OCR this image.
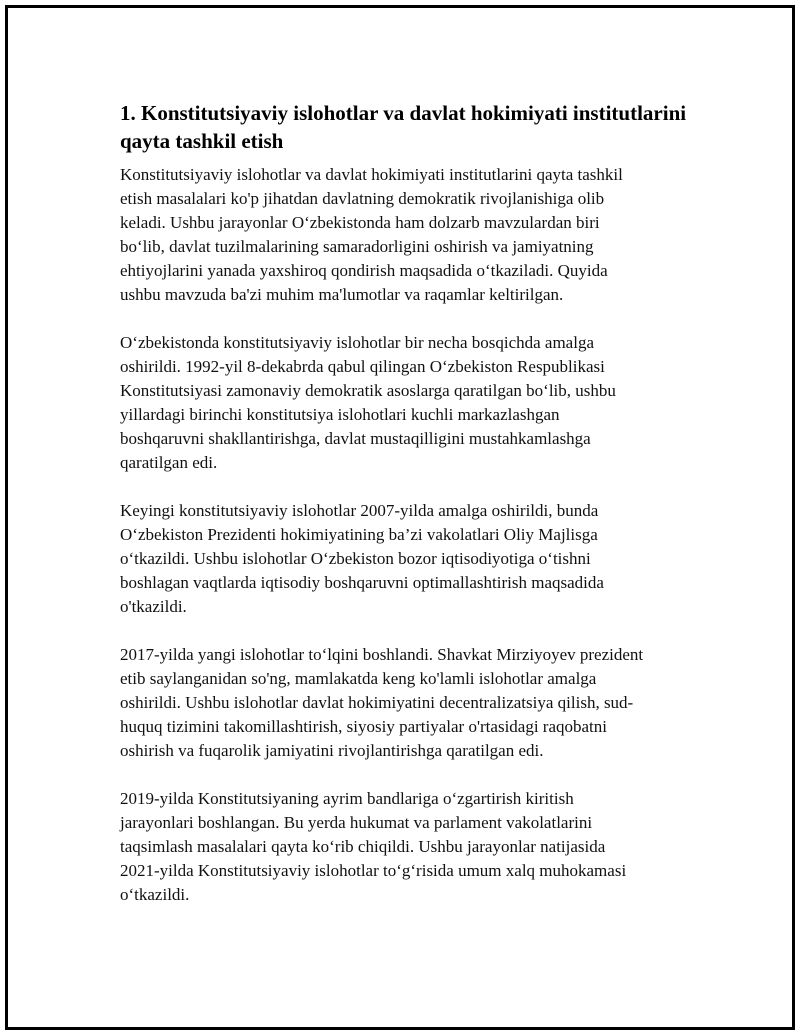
1. Konstitutsiyaviy islohotlar va davlat hokimiyati institutlarini
qayta tashkil etish

Konstitutsiyaviy islohotlar va davlat hokimiyati institutlarini qayta tashkil
etish masalalari ko'p jihatdan davlatning demokratik rivojlanishiga olib
keladi. Ushbu jarayonlar O‘zbekistonda ham dolzarb mavzulardan biri
bo‘lib, davlat tuzilmalarining samaradorligini oshirish va jamiyatning
ehtiyojlarini yanada yaxshiroq qondirish maqsadida o‘tkaziladi. Quyida
ushbu mavzuda ba'zi muhim ma'lumotlar va raqamlar keltirilgan.

O‘zbekistonda konstitutsiyaviy islohotlar bir necha bosqichda amalga
oshirildi. 1992-yil 8-dekabrda qabul qilingan O‘zbekiston Respublikasi
Konstitutsiyasi zamonaviy demokratik asoslarga qaratilgan bo‘lib, ushbu
yillardagi birinchi konstitutsiya islohotlari kuchli markazlashgan
boshqaruvni shakllantirishga, davlat mustaqilligini mustahkamlashga
qaratilgan edi.

Keyingi konstitutsiyaviy islohotlar 2007-yilda amalga oshirildi, bunda
O‘zbekiston Prezidenti hokimiyatining ba’zi vakolatlari Oliy Majlisga
o‘tkazildi. Ushbu islohotlar O‘zbekiston bozor iqtisodiyotiga o‘tishni
boshlagan vaqtlarda iqtisodiy boshqaruvni optimallashtirish maqsadida
o'tkazildi.

2017-yilda yangi islohotlar to‘lqini boshlandi. Shavkat Mirziyoyev prezident
etib saylanganidan so'ng, mamlakatda keng ko'lamli islohotlar amalga
oshirildi. Ushbu islohotlar davlat hokimiyatini decentralizatsiya qilish, sud-
huquq tizimini takomillashtirish, siyosiy partiyalar o'rtasidagi raqobatni
oshirish va fuqarolik jamiyatini rivojlantirishga qaratilgan edi.

2019-yilda Konstitutsiyaning ayrim bandlariga o‘zgartirish kiritish
jarayonlari boshlangan. Bu yerda hukumat va parlament vakolatlarini
taqsimlash masalalari qayta ko‘rib chiqildi. Ushbu jarayonlar natijasida
2021-yilda Konstitutsiyaviy islohotlar to‘g‘risida umum xalq muhokamasi
o‘tkazildi.
